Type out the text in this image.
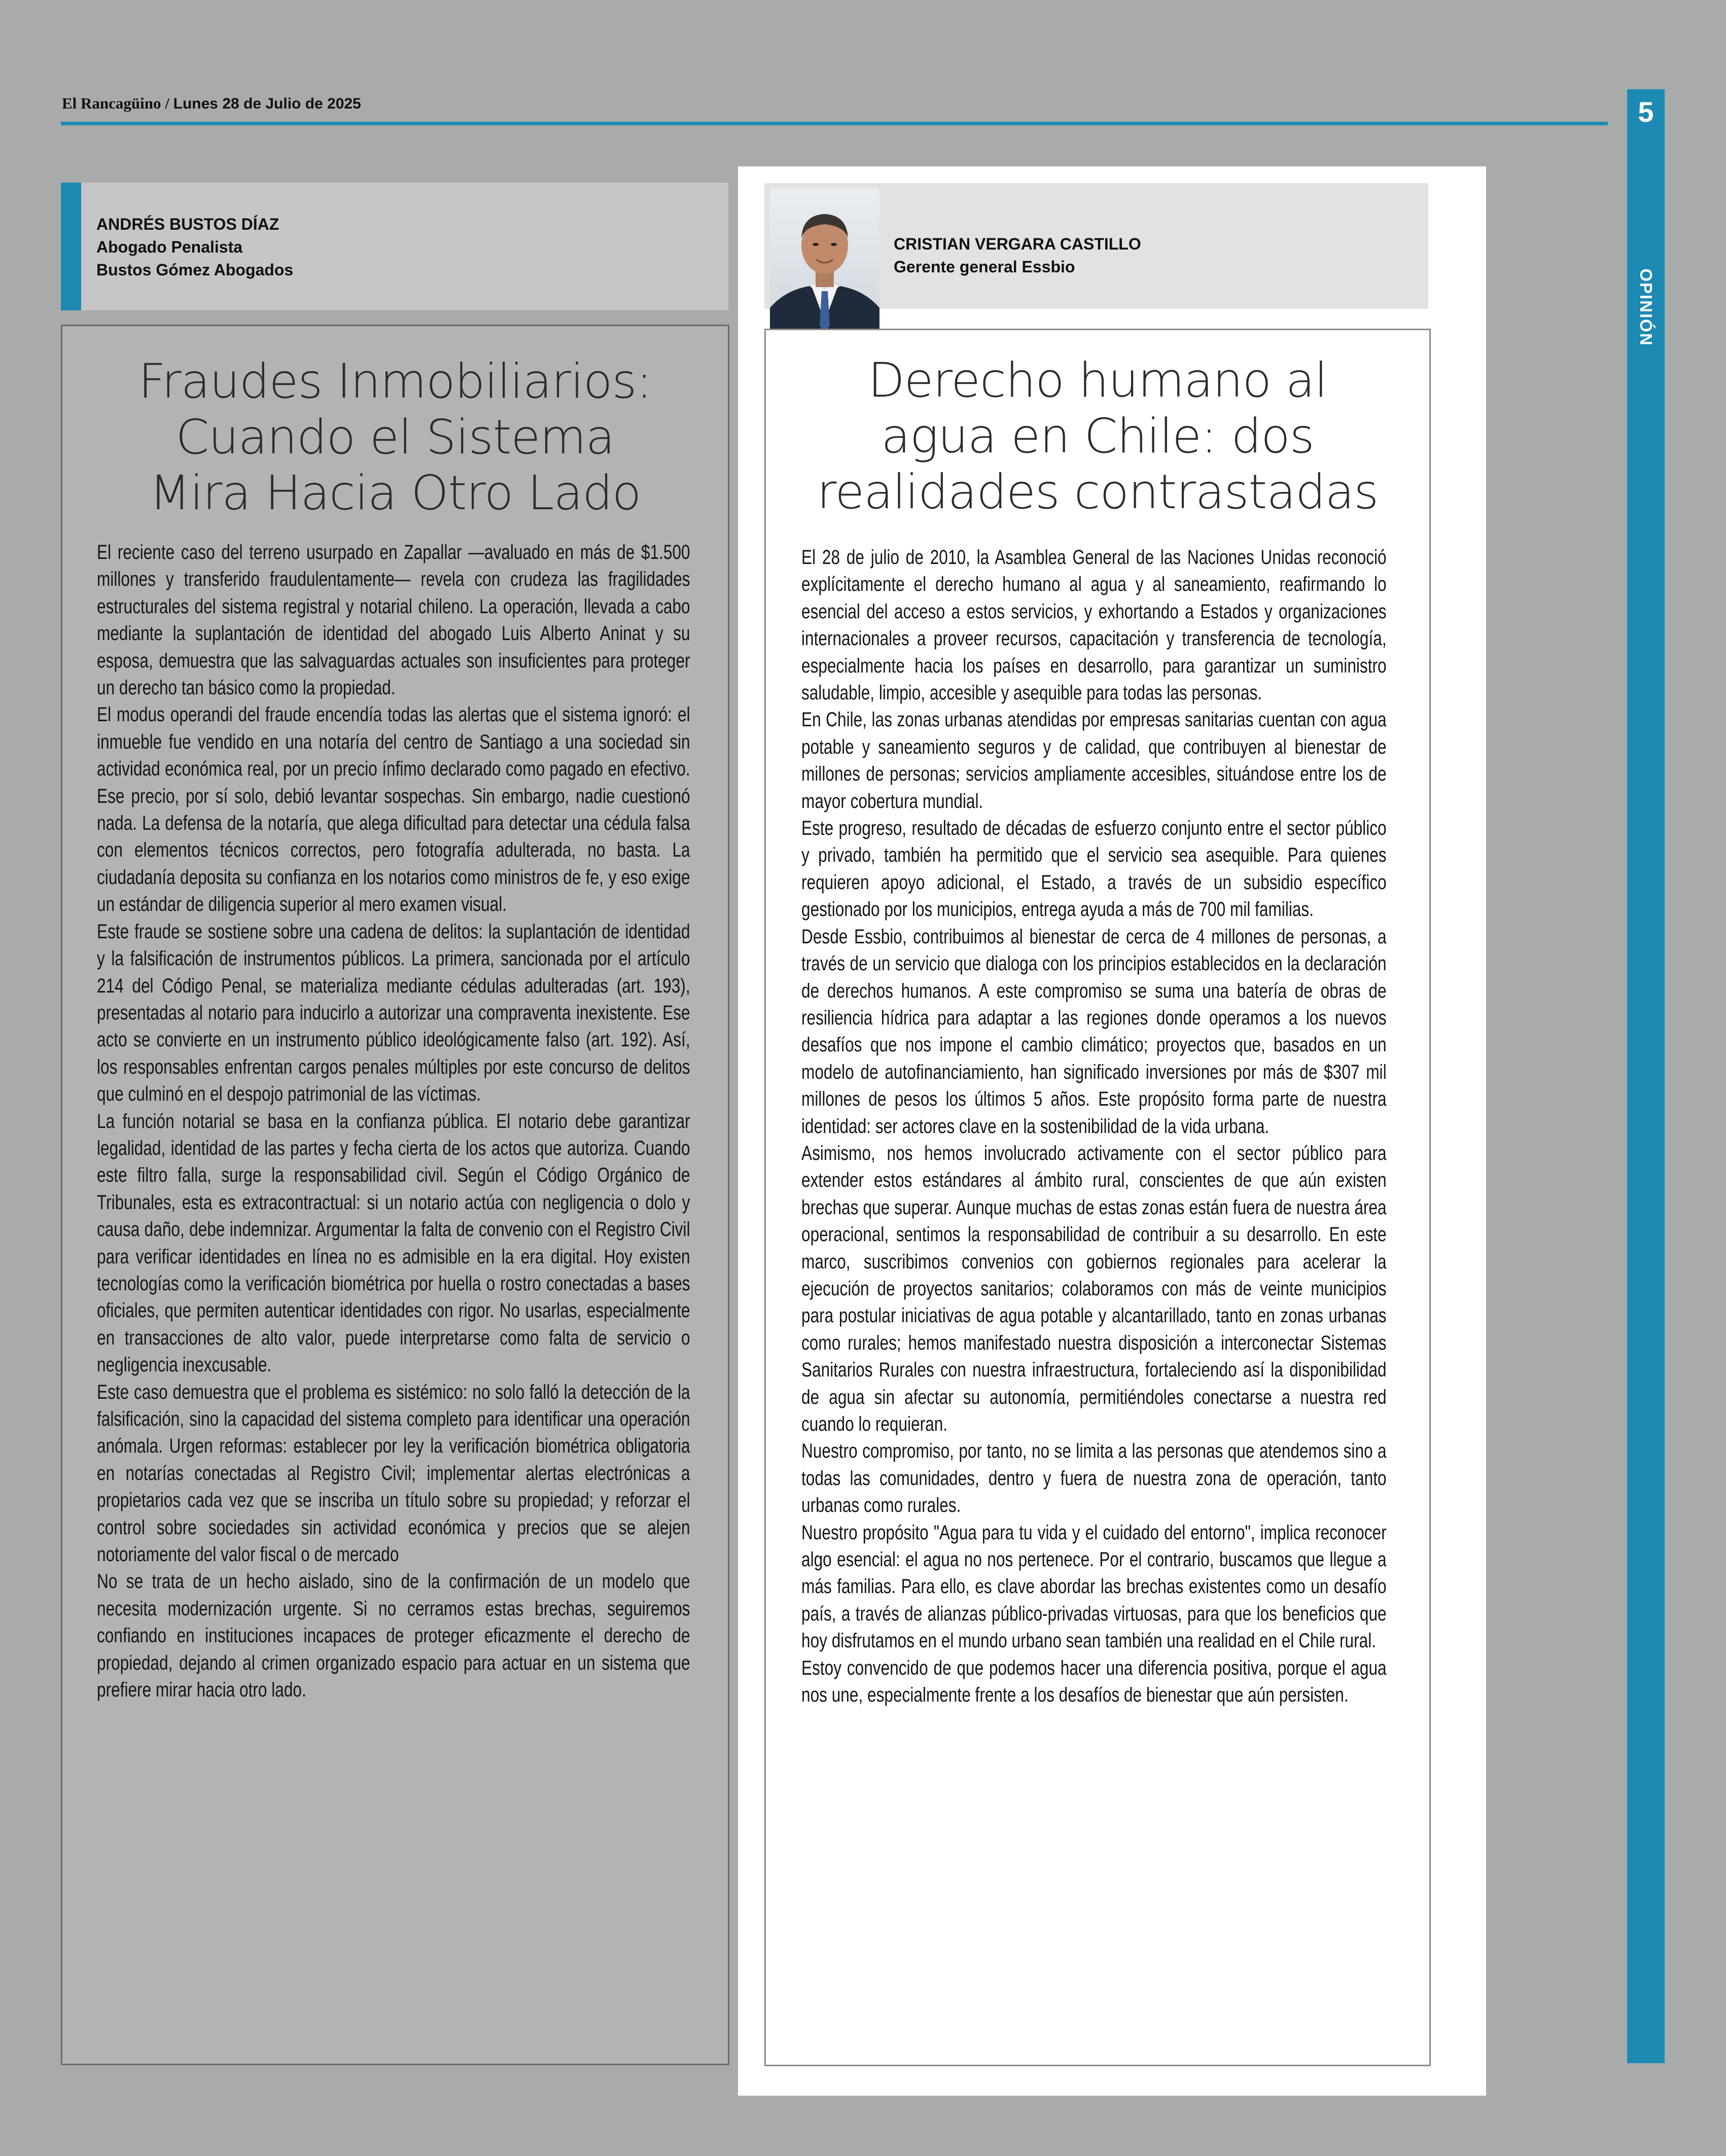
El Rancagüino / Lunes 28 de Julio de 2025	5
OPINIÓN
ANDRÉS BUSTOS DÍAZ
Abogado Penalista
Bustos Gómez Abogados
Fraudes Inmobiliarios:
Cuando el Sistema
Mira Hacia Otro Lado

El reciente caso del terreno usurpado en Zapallar —avaluado en más de $1.500 millones y transferido fraudulentamente— revela con crudeza las fragilidades estructurales del sistema registral y notarial chileno. La operación, llevada a cabo mediante la suplantación de identidad del abogado Luis Alberto Aninat y su esposa, demuestra que las salvaguardas actuales son insuficientes para proteger un derecho tan básico como la propiedad.

El modus operandi del fraude encendía todas las alertas que el sistema ignoró: el inmueble fue vendido en una notaría del centro de Santiago a una sociedad sin actividad económica real, por un precio ínfimo declarado como pagado en efectivo. Ese precio, por sí solo, debió levantar sospechas. Sin embargo, nadie cuestionó nada. La defensa de la notaría, que alega dificultad para detectar una cédula falsa con elementos técnicos correctos, pero fotografía adulterada, no basta. La ciudadanía deposita su confianza en los notarios como ministros de fe, y eso exige un estándar de diligencia superior al mero examen visual.

Este fraude se sostiene sobre una cadena de delitos: la suplantación de identidad y la falsificación de instrumentos públicos. La primera, sancionada por el artículo 214 del Código Penal, se materializa mediante cédulas adulteradas (art. 193), presentadas al notario para inducirlo a autorizar una compraventa inexistente. Ese acto se convierte en un instrumento público ideológicamente falso (art. 192). Así, los responsables enfrentan cargos penales múltiples por este concurso de delitos que culminó en el despojo patrimonial de las víctimas.

La función notarial se basa en la confianza pública. El notario debe garantizar legalidad, identidad de las partes y fecha cierta de los actos que autoriza. Cuando este filtro falla, surge la responsabilidad civil. Según el Código Orgánico de Tribunales, esta es extracontractual: si un notario actúa con negligencia o dolo y causa daño, debe indemnizar. Argumentar la falta de convenio con el Registro Civil para verificar identidades en línea no es admisible en la era digital. Hoy existen tecnologías como la verificación biométrica por huella o rostro conectadas a bases oficiales, que permiten autenticar identidades con rigor. No usarlas, especialmente en transacciones de alto valor, puede interpretarse como falta de servicio o negligencia inexcusable.

Este caso demuestra que el problema es sistémico: no solo falló la detección de la falsificación, sino la capacidad del sistema completo para identificar una operación anómala. Urgen reformas: establecer por ley la verificación biométrica obligatoria en notarías conectadas al Registro Civil; implementar alertas electrónicas a propietarios cada vez que se inscriba un título sobre su propiedad; y reforzar el control sobre sociedades sin actividad económica y precios que se alejen notoriamente del valor fiscal o de mercado

No se trata de un hecho aislado, sino de la confirmación de un modelo que necesita modernización urgente. Si no cerramos estas brechas, seguiremos confiando en instituciones incapaces de proteger eficazmente el derecho de propiedad, dejando al crimen organizado espacio para actuar en un sistema que prefiere mirar hacia otro lado.

CRISTIAN VERGARA CASTILLO
Gerente general Essbio
Derecho humano al
agua en Chile: dos
realidades contrastadas

El 28 de julio de 2010, la Asamblea General de las Naciones Unidas reconoció explícitamente el derecho humano al agua y al saneamiento, reafirmando lo esencial del acceso a estos servicios, y exhortando a Estados y organizaciones internacionales a proveer recursos, capacitación y transferencia de tecnología, especialmente hacia los países en desarrollo, para garantizar un suministro saludable, limpio, accesible y asequible para todas las personas.

En Chile, las zonas urbanas atendidas por empresas sanitarias cuentan con agua potable y saneamiento seguros y de calidad, que contribuyen al bienestar de millones de personas; servicios ampliamente accesibles, situándose entre los de mayor cobertura mundial.

Este progreso, resultado de décadas de esfuerzo conjunto entre el sector público y privado, también ha permitido que el servicio sea asequible. Para quienes requieren apoyo adicional, el Estado, a través de un subsidio específico gestionado por los municipios, entrega ayuda a más de 700 mil familias.

Desde Essbio, contribuimos al bienestar de cerca de 4 millones de personas, a través de un servicio que dialoga con los principios establecidos en la declaración de derechos humanos. A este compromiso se suma una batería de obras de resiliencia hídrica para adaptar a las regiones donde operamos a los nuevos desafíos que nos impone el cambio climático; proyectos que, basados en un modelo de autofinanciamiento, han significado inversiones por más de $307 mil millones de pesos los últimos 5 años. Este propósito forma parte de nuestra identidad: ser actores clave en la sostenibilidad de la vida urbana.

Asimismo, nos hemos involucrado activamente con el sector público para extender estos estándares al ámbito rural, conscientes de que aún existen brechas que superar. Aunque muchas de estas zonas están fuera de nuestra área operacional, sentimos la responsabilidad de contribuir a su desarrollo. En este marco, suscribimos convenios con gobiernos regionales para acelerar la ejecución de proyectos sanitarios; colaboramos con más de veinte municipios para postular iniciativas de agua potable y alcantarillado, tanto en zonas urbanas como rurales; hemos manifestado nuestra disposición a interconectar Sistemas Sanitarios Rurales con nuestra infraestructura, fortaleciendo así la disponibilidad de agua sin afectar su autonomía, permitiéndoles conectarse a nuestra red cuando lo requieran.

Nuestro compromiso, por tanto, no se limita a las personas que atendemos sino a todas las comunidades, dentro y fuera de nuestra zona de operación, tanto urbanas como rurales.

Nuestro propósito "Agua para tu vida y el cuidado del entorno", implica reconocer algo esencial: el agua no nos pertenece. Por el contrario, buscamos que llegue a más familias. Para ello, es clave abordar las brechas existentes como un desafío país, a través de alianzas público-privadas virtuosas, para que los beneficios que hoy disfrutamos en el mundo urbano sean también una realidad en el Chile rural.

Estoy convencido de que podemos hacer una diferencia positiva, porque el agua nos une, especialmente frente a los desafíos de bienestar que aún persisten.
